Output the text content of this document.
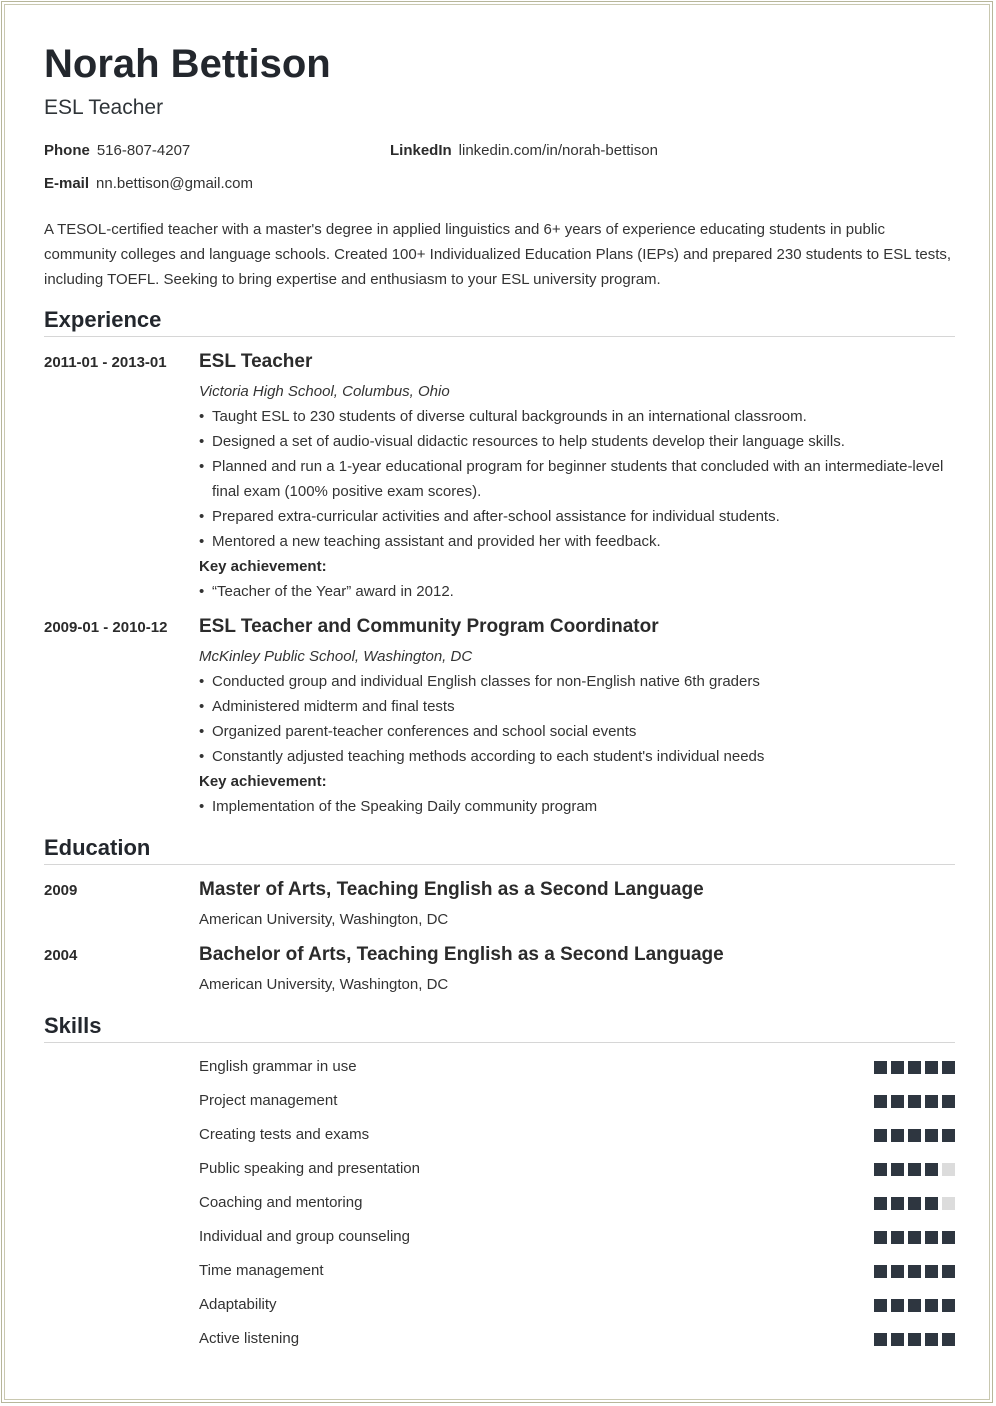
Norah Bettison
ESL Teacher
Phone 516-807-4207	LinkedIn linkedin.com/in/norah-bettison
E-mail nn.bettison@gmail.com
A TESOL-certified teacher with a master's degree in applied linguistics and 6+ years of experience educating students in public community colleges and language schools. Created 100+ Individualized Education Plans (IEPs) and prepared 230 students to ESL tests, including TOEFL. Seeking to bring expertise and enthusiasm to your ESL university program.
Experience
2011-01 - 2013-01 ESL Teacher
Victoria High School, Columbus, Ohio
• Taught ESL to 230 students of diverse cultural backgrounds in an international classroom.
• Designed a set of audio-visual didactic resources to help students develop their language skills.
• Planned and run a 1-year educational program for beginner students that concluded with an intermediate-level final exam (100% positive exam scores).
• Prepared extra-curricular activities and after-school assistance for individual students.
• Mentored a new teaching assistant and provided her with feedback.
Key achievement:
• “Teacher of the Year” award in 2012.
2009-01 - 2010-12 ESL Teacher and Community Program Coordinator
McKinley Public School, Washington, DC
• Conducted group and individual English classes for non-English native 6th graders
• Administered midterm and final tests
• Organized parent-teacher conferences and school social events
• Constantly adjusted teaching methods according to each student's individual needs
Key achievement:
• Implementation of the Speaking Daily community program
Education
2009	Master of Arts, Teaching English as a Second Language
American University, Washington, DC
2004	Bachelor of Arts, Teaching English as a Second Language
American University, Washington, DC
Skills
English grammar in use
Project management
Creating tests and exams
Public speaking and presentation
Coaching and mentoring
Individual and group counseling
Time management
Adaptability
Active listening
